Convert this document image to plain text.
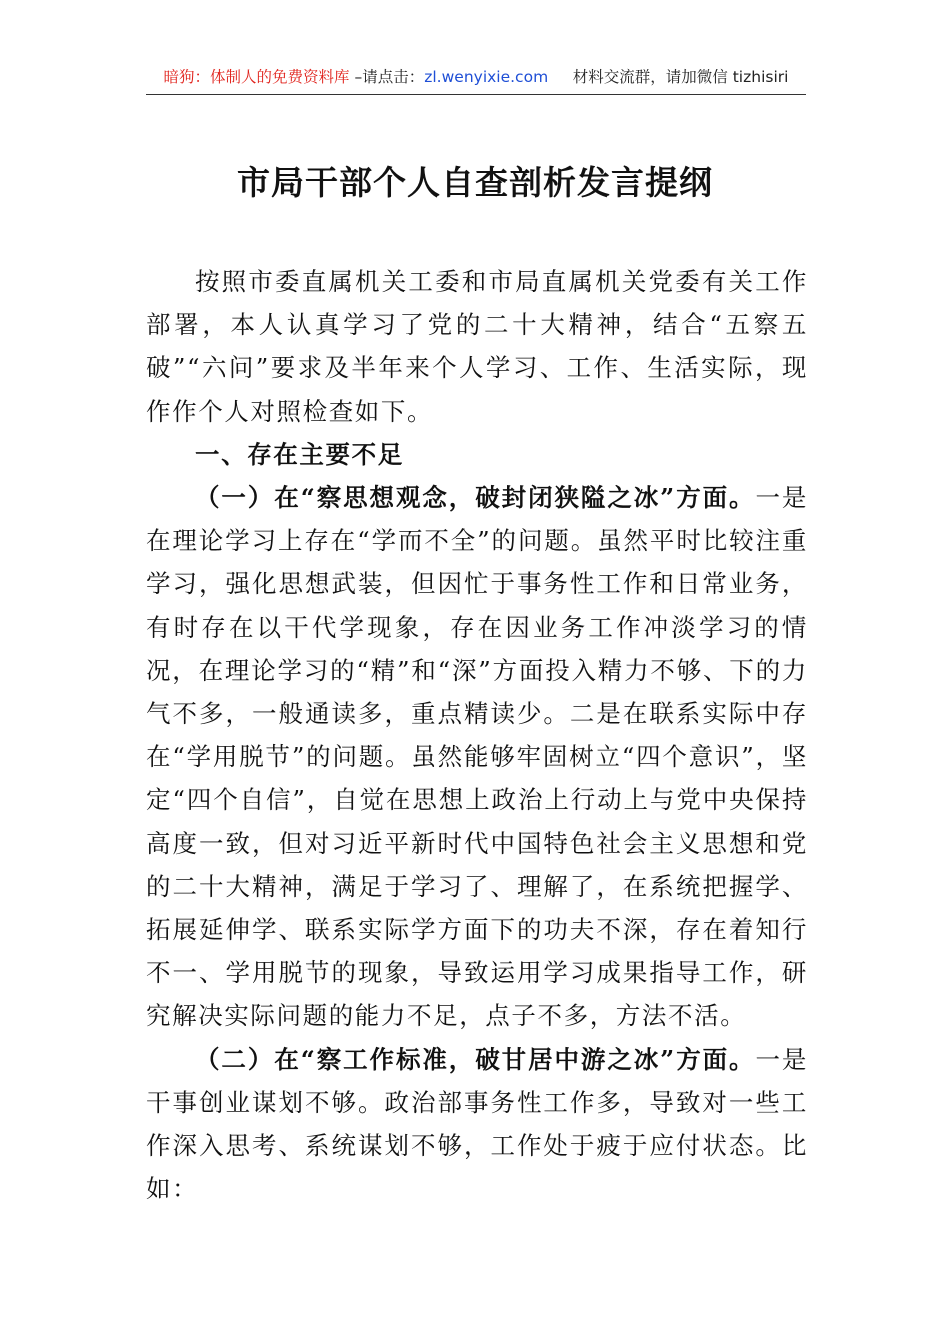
暗狗：体制人的免费资料库 –请点击：zl.wenyixie.com     材料交流群，请加微信 tizhisiri
市局干部个人自查剖析发言提纲

按照市委直属机关工委和市局直属机关党委有关工作部署，本人认真学习了党的二十大精神，结合“五察五破”“六问”要求及半年来个人学习、工作、生活实际，现作作个人对照检查如下。

一、存在主要不足

（一）在“察思想观念，破封闭狭隘之冰”方面。一是在理论学习上存在“学而不全”的问题。虽然平时比较注重学习，强化思想武装，但因忙于事务性工作和日常业务，有时存在以干代学现象，存在因业务工作冲淡学习的情况，在理论学习的“精”和“深”方面投入精力不够、下的力气不多，一般通读多，重点精读少。二是在联系实际中存在“学用脱节”的问题。虽然能够牢固树立“四个意识”，坚定“四个自信”，自觉在思想上政治上行动上与党中央保持高度一致，但对习近平新时代中国特色社会主义思想和党的二十大精神，满足于学习了、理解了，在系统把握学、拓展延伸学、联系实际学方面下的功夫不深，存在着知行不一、学用脱节的现象，导致运用学习成果指导工作，研究解决实际问题的能力不足，点子不多，方法不活。

（二）在“察工作标准，破甘居中游之冰”方面。一是干事创业谋划不够。政治部事务性工作多，导致对一些工作深入思考、系统谋划不够，工作处于疲于应付状态。比如：
